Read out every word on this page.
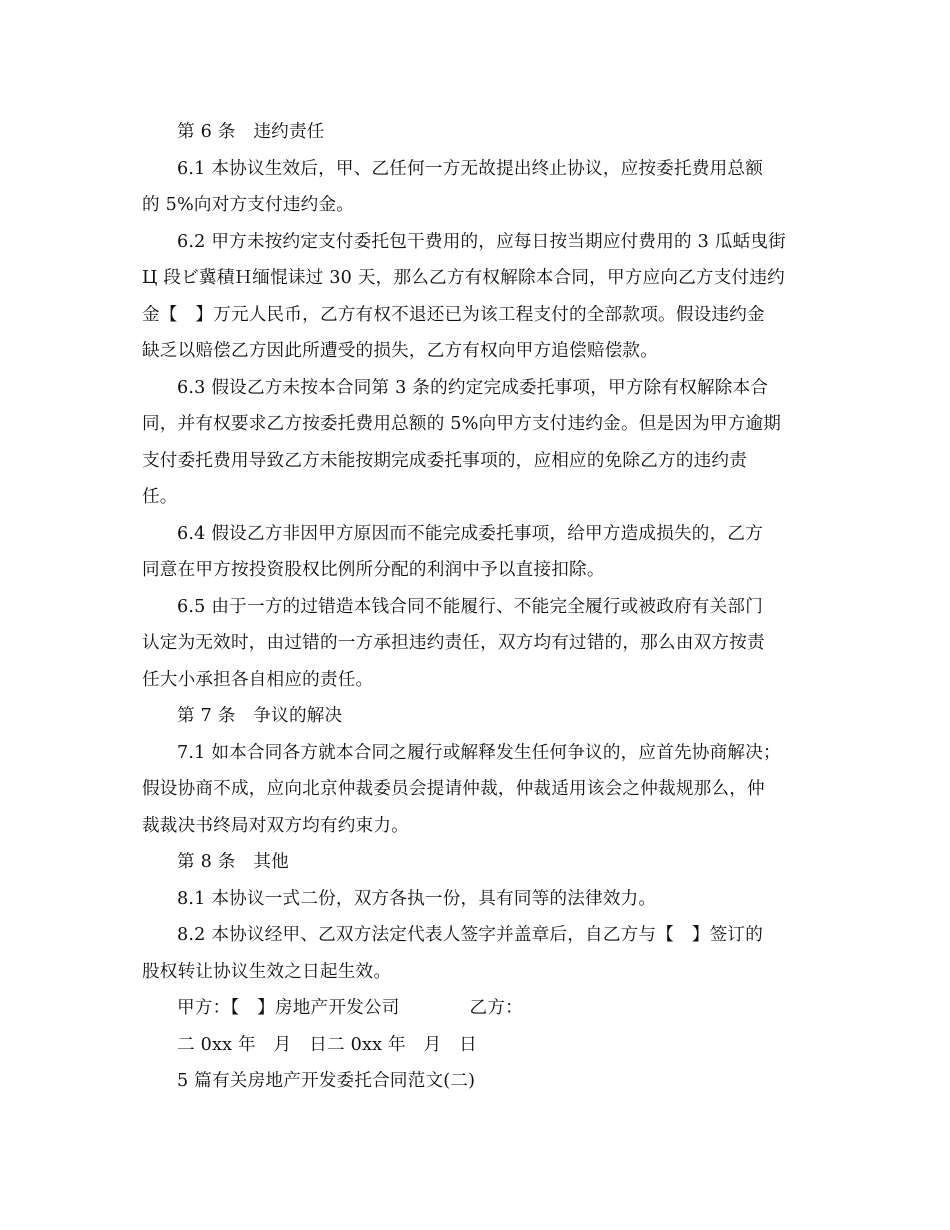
第 6 条　违约责任
6.1 本协议生效后，甲、乙任何一方无故提出终止协议，应按委托费用总额
的 5%向对方支付违约金。
6.2 甲方未按约定支付委托包干费用的，应每日按当期应付费用的 3 瓜蛞曳街
Ц 段ビ冀積Ｈ缅惃诔过 30 天，那么乙方有权解除本合同，甲方应向乙方支付违约
金【　】万元人民币，乙方有权不退还已为该工程支付的全部款项。假设违约金
缺乏以赔偿乙方因此所遭受的损失，乙方有权向甲方追偿赔偿款。
6.3 假设乙方未按本合同第 3 条的约定完成委托事项，甲方除有权解除本合
同，并有权要求乙方按委托费用总额的 5%向甲方支付违约金。但是因为甲方逾期
支付委托费用导致乙方未能按期完成委托事项的，应相应的免除乙方的违约责
任。
6.4 假设乙方非因甲方原因而不能完成委托事项，给甲方造成损失的，乙方
同意在甲方按投资股权比例所分配的利润中予以直接扣除。
6.5 由于一方的过错造本钱合同不能履行、不能完全履行或被政府有关部门
认定为无效时，由过错的一方承担违约责任，双方均有过错的，那么由双方按责
任大小承担各自相应的责任。
第 7 条　争议的解决
7.1 如本合同各方就本合同之履行或解释发生任何争议的，应首先协商解决；
假设协商不成，应向北京仲裁委员会提请仲裁，仲裁适用该会之仲裁规那么，仲
裁裁决书终局对双方均有约束力。
第 8 条　其他
8.1 本协议一式二份，双方各执一份，具有同等的法律效力。
8.2 本协议经甲、乙双方法定代表人签字并盖章后，自乙方与【　】签订的
股权转让协议生效之日起生效。
甲方：【　】房地产开发公司	乙方：
二 0xx 年　月　日二 0xx 年　月　日
5 篇有关房地产开发委托合同范文(二)
